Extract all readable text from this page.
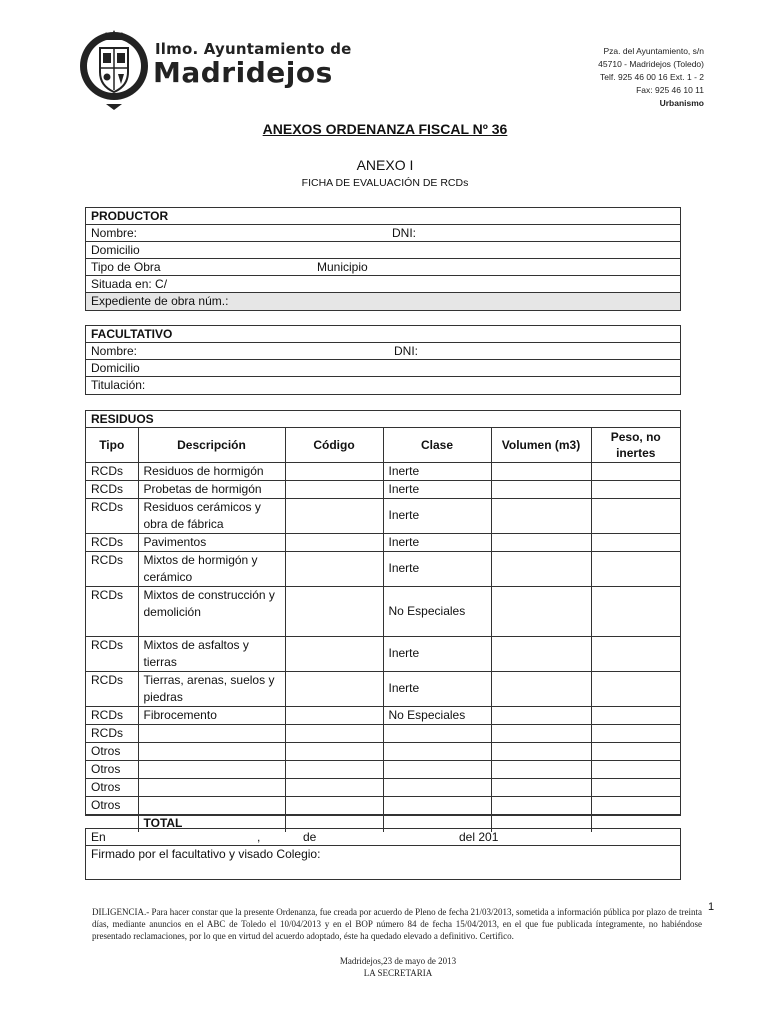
Ilmo. Ayuntamiento de
Madridejos
Pza. del Ayuntamiento, s/n
45710 - Madridejos (Toledo)
Telf. 925 46 00 16 Ext. 1 - 2
Fax: 925 46 10 11
Urbanismo
ANEXOS ORDENANZA FISCAL Nº 36
ANEXO I
FICHA DE EVALUACIÓN DE RCDs
PRODUCTOR
Nombre:	DNI:
Domicilio
Tipo de Obra	Municipio
Situada en: C/
Expediente de obra núm.:
FACULTATIVO
Nombre:	DNI:
Domicilio
Titulación:
RESIDUOS
Tipo	Descripción	Código	Clase	Volumen (m3)	Peso, no inertes
RCDs	Residuos de hormigón		Inerte		
RCDs	Probetas de hormigón		Inerte		
RCDs	Residuos cerámicos y obra de fábrica		Inerte		
RCDs	Pavimentos		Inerte		
RCDs	Mixtos de hormigón y cerámico		Inerte		
RCDs	Mixtos de construcción y demolición		No Especiales		
RCDs	Mixtos de asfaltos y tierras		Inerte		
RCDs	Tierras, arenas, suelos y piedras		Inerte		
RCDs	Fibrocemento		No Especiales		
RCDs					
Otros					
Otros					
Otros					
Otros					
	TOTAL				
En	,	de	del 201
Firmado por el facultativo y visado Colegio:
1
DILIGENCIA.- Para hacer constar que la presente Ordenanza, fue creada por acuerdo de Pleno de fecha 21/03/2013, sometida a información pública por plazo de treinta días, mediante anuncios en el ABC de Toledo el 10/04/2013 y en el BOP número 84 de fecha 15/04/2013, en el que fue publicada íntegramente, no habiéndose presentado reclamaciones, por lo que en virtud del acuerdo adoptado, éste ha quedado elevado a definitivo. Certifico.
Madridejos,23 de mayo de 2013
LA SECRETARIA
